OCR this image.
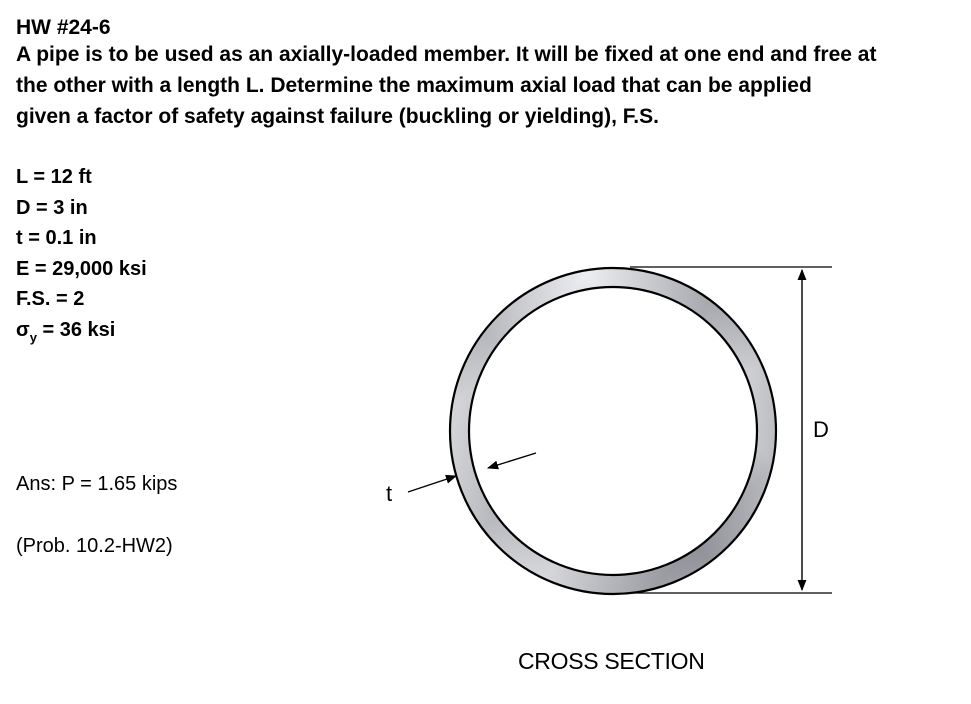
HW #24-6

A pipe is to be used as an axially-loaded member. It will be fixed at one end and free at
the other with a length L. Determine the maximum axial load that can be applied
given a factor of safety against failure (buckling or yielding), F.S.

L = 12 ft
D = 3 in
t = 0.1 in
E = 29,000 ksi
F.S. = 2
$\sigma_y = 36$ ksi

Ans: P = 1.65 kips

(Prob. 10.2-HW2)

D

t

CROSS SECTION
